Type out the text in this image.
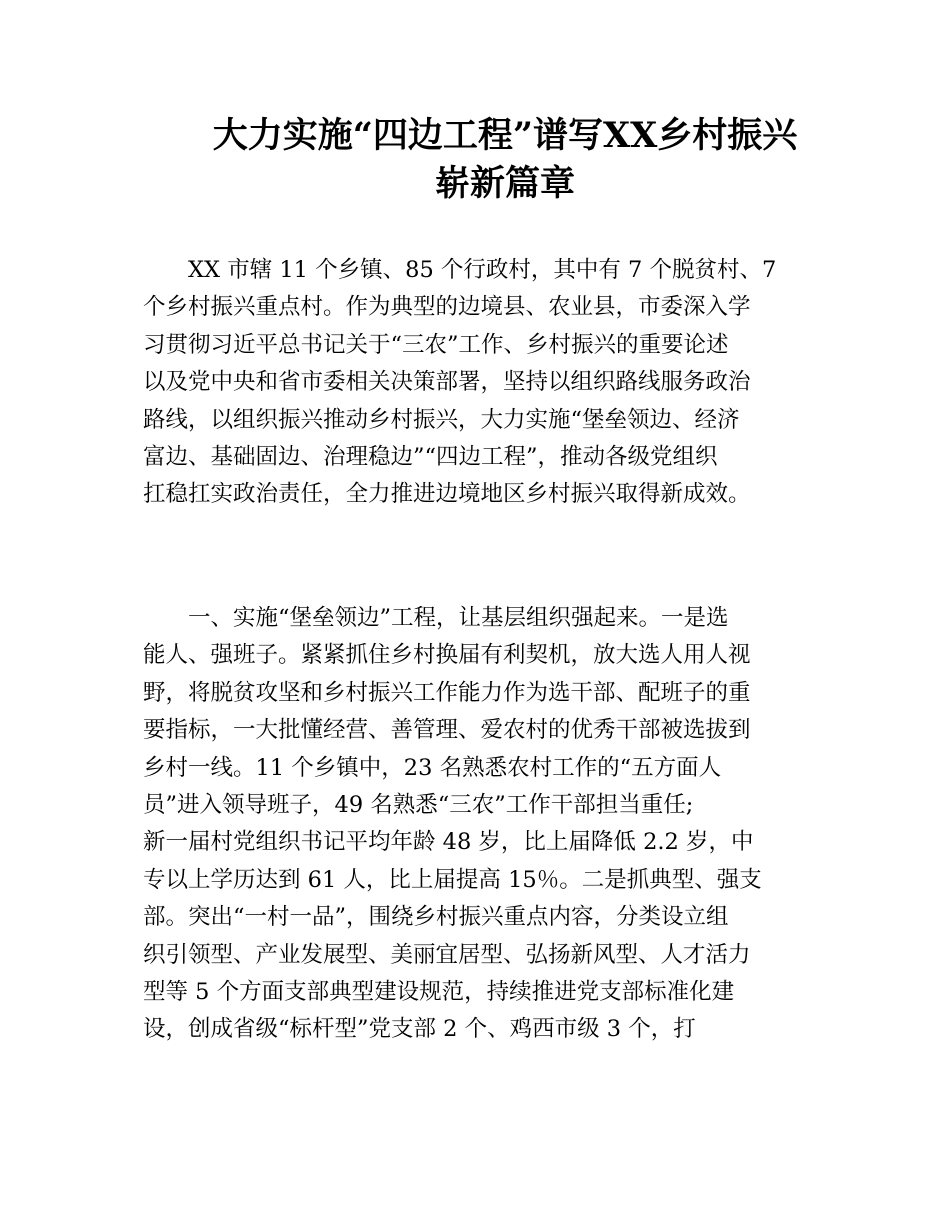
大力实施“四边工程”谱写XX乡村振兴
崭新篇章
XX 市辖 11 个乡镇、85 个行政村，其中有 7 个脱贫村、7
个乡村振兴重点村。作为典型的边境县、农业县，市委深入学
习贯彻习近平总书记关于“三农”工作、乡村振兴的重要论述
以及党中央和省市委相关决策部署，坚持以组织路线服务政治
路线，以组织振兴推动乡村振兴，大力实施“堡垒领边、经济
富边、基础固边、治理稳边”“四边工程”，推动各级党组织
扛稳扛实政治责任，全力推进边境地区乡村振兴取得新成效。
一、实施“堡垒领边”工程，让基层组织强起来。一是选
能人、强班子。紧紧抓住乡村换届有利契机，放大选人用人视
野，将脱贫攻坚和乡村振兴工作能力作为选干部、配班子的重
要指标，一大批懂经营、善管理、爱农村的优秀干部被选拔到
乡村一线。11 个乡镇中，23 名熟悉农村工作的“五方面人
员”进入领导班子，49 名熟悉“三农”工作干部担当重任;
新一届村党组织书记平均年龄 48 岁，比上届降低 2.2 岁，中
专以上学历达到 61 人，比上届提高 15％。二是抓典型、强支
部。突出“一村一品”，围绕乡村振兴重点内容，分类设立组
织引领型、产业发展型、美丽宜居型、弘扬新风型、人才活力
型等 5 个方面支部典型建设规范，持续推进党支部标准化建
设，创成省级“标杆型”党支部 2 个、鸡西市级 3 个，打
